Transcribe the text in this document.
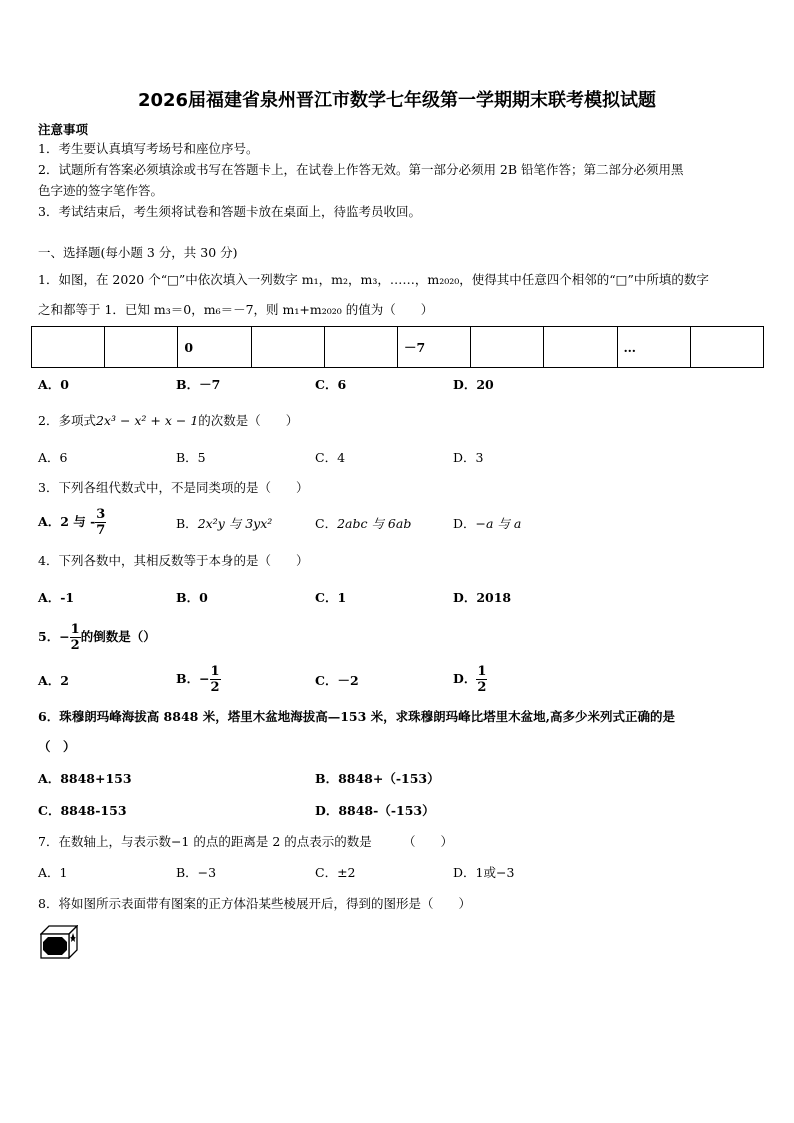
2026届福建省泉州晋江市数学七年级第一学期期末联考模拟试题
注意事项
1．考生要认真填写考场号和座位序号。
2．试题所有答案必须填涂或书写在答题卡上，在试卷上作答无效。第一部分必须用 2B 铅笔作答；第二部分必须用黑
色字迹的签字笔作答。
3．考试结束后，考生须将试卷和答题卡放在桌面上，待监考员收回。
一、选择题(每小题 3 分，共 30 分)
1．如图，在 2020 个“□”中依次填入一列数字 m₁，m₂，m₃，……，m₂₀₂₀，使得其中任意四个相邻的“□”中所填的数字
之和都等于 1．已知 m₃＝0，m₆＝－7，则 m₁+m₂₀₂₀ 的值为（　　）
		0			－7			…	
A．0	B．－7	C．6	D．20
2．多项式2x³ − x² + x − 1的次数是（　　）
A．6	B．5	C．4	D．3
3．下列各组代数式中，不是同类项的是（　　）
A．2 与 - $\frac{3}{7}$	B．2x²y 与 3yx²	C．2abc 与 6ab	D．−a 与 a
4．下列各数中，其相反数等于本身的是（　　）
A．-1	B．0	C．1	D．2018
5．− $\frac{1}{2}$ 的倒数是（）
A．2	B．− $\frac{1}{2}$	C．－2	D． $\frac{1}{2}$
6．珠穆朗玛峰海拔高 8848 米，塔里木盆地海拔高—153 米，求珠穆朗玛峰比塔里木盆地,高多少米列式正确的是
（　）
A．8848+153	B．8848+（-153）
C．8848-153	D．8848-（-153）
7．在数轴上，与表示数−1 的点的距离是 2 的点表示的数是　　　（　　）
A．1	B．−3	C．±2	D．1或−3
8．将如图所示表面带有图案的正方体沿某些棱展开后，得到的图形是（　　）
